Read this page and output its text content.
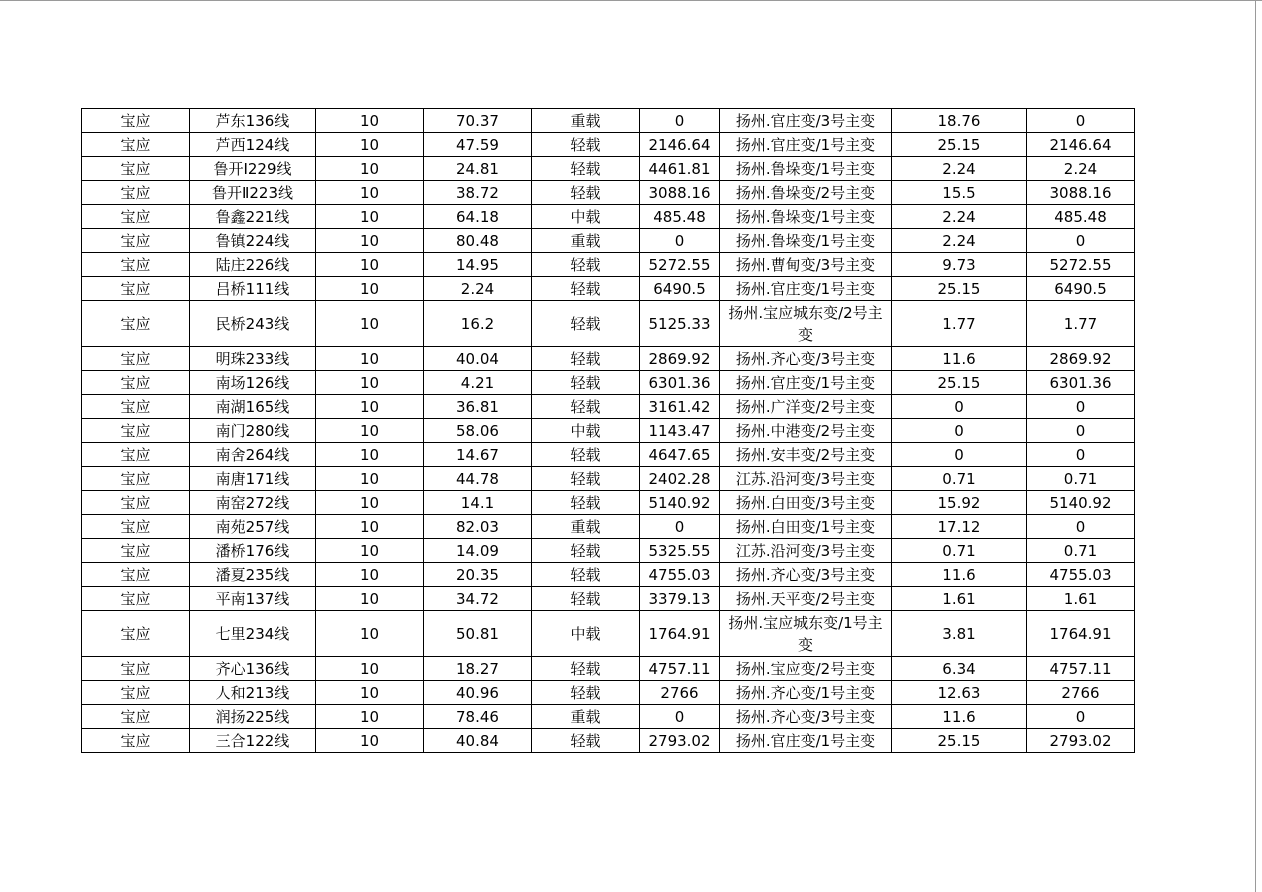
宝应	芦东136线	10	70.37	重载	0	扬州.官庄变/3号主变	18.76	0
宝应	芦西124线	10	47.59	轻载	2146.64	扬州.官庄变/1号主变	25.15	2146.64
宝应	鲁开Ⅰ229线	10	24.81	轻载	4461.81	扬州.鲁垛变/1号主变	2.24	2.24
宝应	鲁开Ⅱ223线	10	38.72	轻载	3088.16	扬州.鲁垛变/2号主变	15.5	3088.16
宝应	鲁鑫221线	10	64.18	中载	485.48	扬州.鲁垛变/1号主变	2.24	485.48
宝应	鲁镇224线	10	80.48	重载	0	扬州.鲁垛变/1号主变	2.24	0
宝应	陆庄226线	10	14.95	轻载	5272.55	扬州.曹甸变/3号主变	9.73	5272.55
宝应	吕桥111线	10	2.24	轻载	6490.5	扬州.官庄变/1号主变	25.15	6490.5
宝应	民桥243线	10	16.2	轻载	5125.33	扬州.宝应城东变/2号主变	1.77	1.77
宝应	明珠233线	10	40.04	轻载	2869.92	扬州.齐心变/3号主变	11.6	2869.92
宝应	南场126线	10	4.21	轻载	6301.36	扬州.官庄变/1号主变	25.15	6301.36
宝应	南湖165线	10	36.81	轻载	3161.42	扬州.广洋变/2号主变	0	0
宝应	南门280线	10	58.06	中载	1143.47	扬州.中港变/2号主变	0	0
宝应	南舍264线	10	14.67	轻载	4647.65	扬州.安丰变/2号主变	0	0
宝应	南唐171线	10	44.78	轻载	2402.28	江苏.沿河变/3号主变	0.71	0.71
宝应	南窑272线	10	14.1	轻载	5140.92	扬州.白田变/3号主变	15.92	5140.92
宝应	南苑257线	10	82.03	重载	0	扬州.白田变/1号主变	17.12	0
宝应	潘桥176线	10	14.09	轻载	5325.55	江苏.沿河变/3号主变	0.71	0.71
宝应	潘夏235线	10	20.35	轻载	4755.03	扬州.齐心变/3号主变	11.6	4755.03
宝应	平南137线	10	34.72	轻载	3379.13	扬州.天平变/2号主变	1.61	1.61
宝应	七里234线	10	50.81	中载	1764.91	扬州.宝应城东变/1号主变	3.81	1764.91
宝应	齐心136线	10	18.27	轻载	4757.11	扬州.宝应变/2号主变	6.34	4757.11
宝应	人和213线	10	40.96	轻载	2766	扬州.齐心变/1号主变	12.63	2766
宝应	润扬225线	10	78.46	重载	0	扬州.齐心变/3号主变	11.6	0
宝应	三合122线	10	40.84	轻载	2793.02	扬州.官庄变/1号主变	25.15	2793.02
